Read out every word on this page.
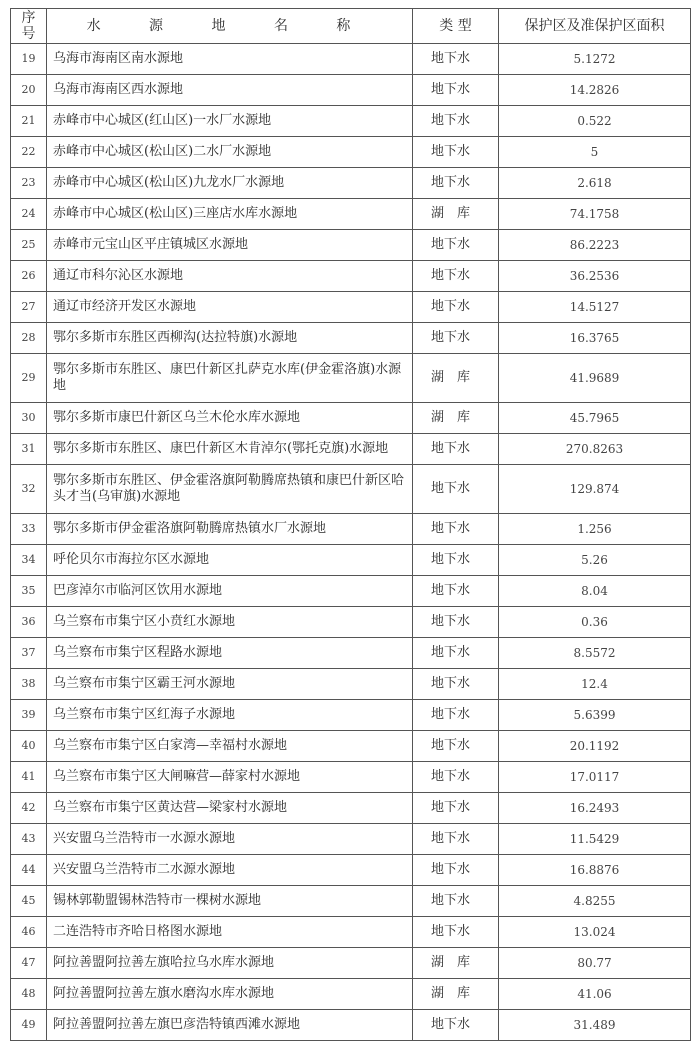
序号	水 源 地 名 称	类 型	保护区及准保护区面积
19	乌海市海南区南水源地	地下水	5.1272
20	乌海市海南区西水源地	地下水	14.2826
21	赤峰市中心城区(红山区)一水厂水源地	地下水	0.522
22	赤峰市中心城区(松山区)二水厂水源地	地下水	5
23	赤峰市中心城区(松山区)九龙水厂水源地	地下水	2.618
24	赤峰市中心城区(松山区)三座店水库水源地	湖　库	74.1758
25	赤峰市元宝山区平庄镇城区水源地	地下水	86.2223
26	通辽市科尔沁区水源地	地下水	36.2536
27	通辽市经济开发区水源地	地下水	14.5127
28	鄂尔多斯市东胜区西柳沟(达拉特旗)水源地	地下水	16.3765
29	鄂尔多斯市东胜区、康巴什新区扎萨克水库(伊金霍洛旗)水源地	湖　库	41.9689
30	鄂尔多斯市康巴什新区乌兰木伦水库水源地	湖　库	45.7965
31	鄂尔多斯市东胜区、康巴什新区木肯淖尔(鄂托克旗)水源地	地下水	270.8263
32	鄂尔多斯市东胜区、伊金霍洛旗阿勒腾席热镇和康巴什新区哈头才当(乌审旗)水源地	地下水	129.874
33	鄂尔多斯市伊金霍洛旗阿勒腾席热镇水厂水源地	地下水	1.256
34	呼伦贝尔市海拉尔区水源地	地下水	5.26
35	巴彦淖尔市临河区饮用水源地	地下水	8.04
36	乌兰察布市集宁区小贲红水源地	地下水	0.36
37	乌兰察布市集宁区程路水源地	地下水	8.5572
38	乌兰察布市集宁区霸王河水源地	地下水	12.4
39	乌兰察布市集宁区红海子水源地	地下水	5.6399
40	乌兰察布市集宁区白家湾—幸福村水源地	地下水	20.1192
41	乌兰察布市集宁区大闸嘛营—薛家村水源地	地下水	17.0117
42	乌兰察布市集宁区黄达营—梁家村水源地	地下水	16.2493
43	兴安盟乌兰浩特市一水源水源地	地下水	11.5429
44	兴安盟乌兰浩特市二水源水源地	地下水	16.8876
45	锡林郭勒盟锡林浩特市一棵树水源地	地下水	4.8255
46	二连浩特市齐哈日格图水源地	地下水	13.024
47	阿拉善盟阿拉善左旗哈拉乌水库水源地	湖　库	80.77
48	阿拉善盟阿拉善左旗水磨沟水库水源地	湖　库	41.06
49	阿拉善盟阿拉善左旗巴彦浩特镇西滩水源地	地下水	31.489
